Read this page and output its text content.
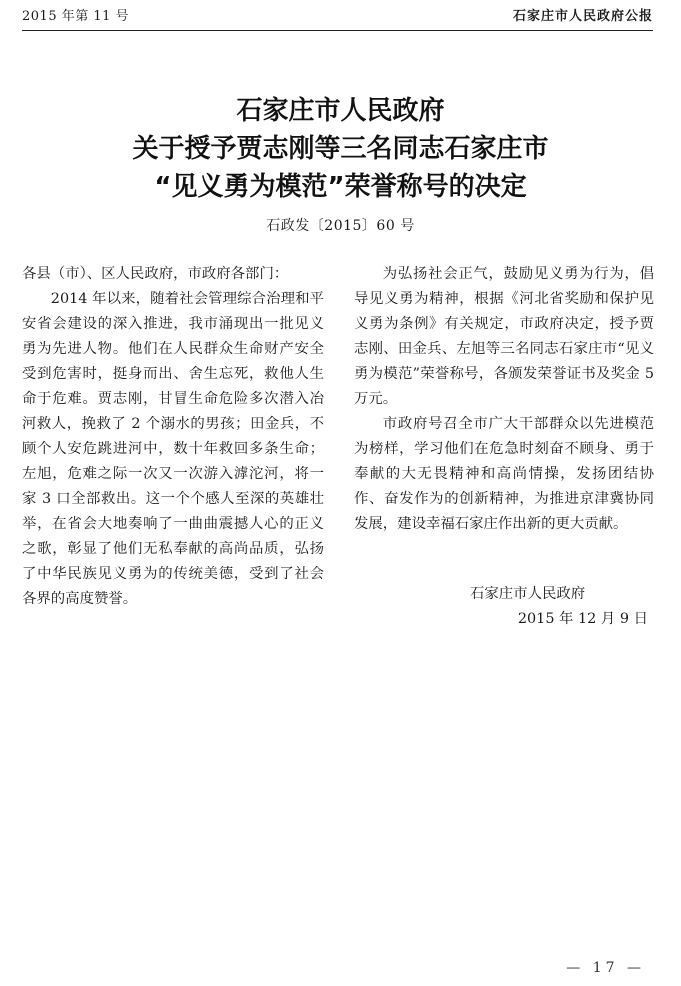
2015 年第 11 号	石家庄市人民政府公报
石家庄市人民政府
关于授予贾志刚等三名同志石家庄市
“见义勇为模范”荣誉称号的决定
石政发〔2015〕60 号

各县（市）、区人民政府，市政府各部门：

2014 年以来，随着社会管理综合治理和平安省会建设的深入推进，我市涌现出一批见义勇为先进人物。他们在人民群众生命财产安全受到危害时，挺身而出、舍生忘死，救他人生命于危难。贾志刚，甘冒生命危险多次潜入冶河救人，挽救了 2 个溺水的男孩；田金兵，不顾个人安危跳进河中，数十年救回多条生命；左旭，危难之际一次又一次游入滹沱河，将一家 3 口全部救出。这一个个感人至深的英雄壮举，在省会大地奏响了一曲曲震撼人心的正义之歌，彰显了他们无私奉献的高尚品质，弘扬了中华民族见义勇为的传统美德，受到了社会各界的高度赞誉。

为弘扬社会正气，鼓励见义勇为行为，倡导见义勇为精神，根据《河北省奖励和保护见义勇为条例》有关规定，市政府决定，授予贾志刚、田金兵、左旭等三名同志石家庄市“见义勇为模范”荣誉称号，各颁发荣誉证书及奖金 5 万元。

市政府号召全市广大干部群众以先进模范为榜样，学习他们在危急时刻奋不顾身、勇于奉献的大无畏精神和高尚情操，发扬团结协作、奋发作为的创新精神，为推进京津冀协同发展，建设幸福石家庄作出新的更大贡献。

石家庄市人民政府
2015 年 12 月 9 日
— 17 —
